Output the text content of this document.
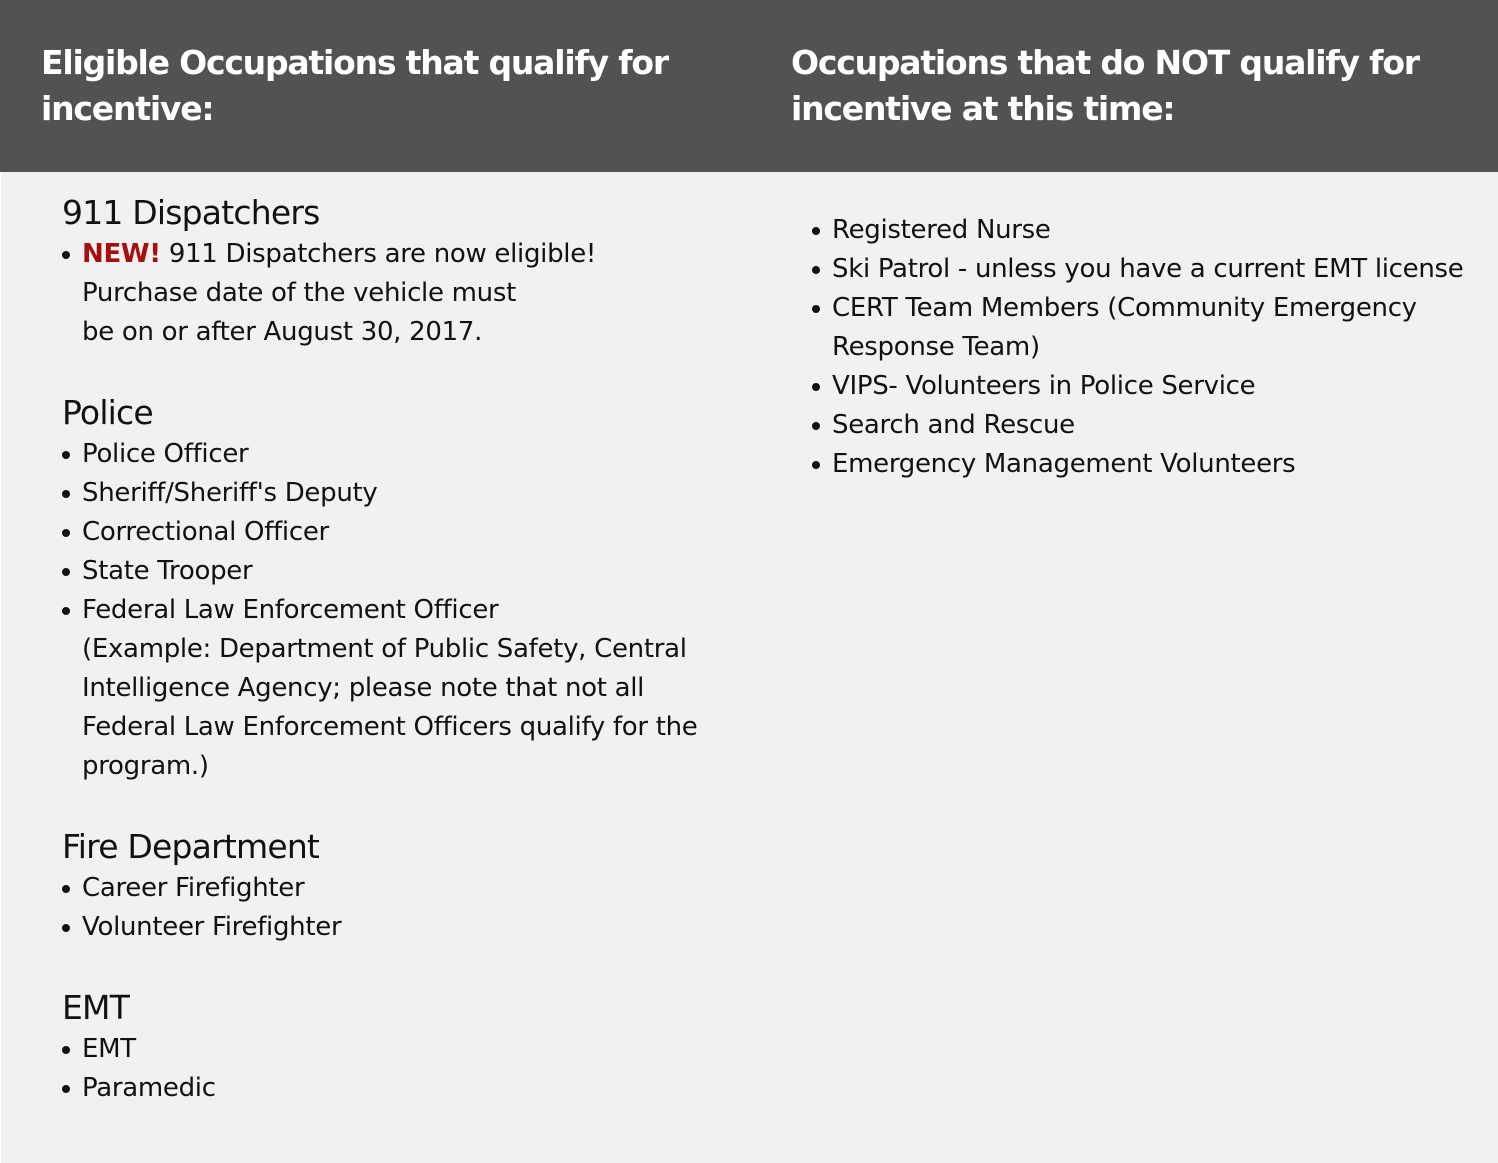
Eligible Occupations that qualify for incentive:
Occupations that do NOT qualify for incentive at this time:
911 Dispatchers
NEW! 911 Dispatchers are now eligible!
Purchase date of the vehicle must
be on or after August 30, 2017.
Police
Police Officer
Sheriff/Sheriff's Deputy
Correctional Officer
State Trooper
Federal Law Enforcement Officer
(Example: Department of Public Safety, Central
Intelligence Agency; please note that not all
Federal Law Enforcement Officers qualify for the
program.)
Fire Department
Career Firefighter
Volunteer Firefighter
EMT
EMT
Paramedic
Registered Nurse
Ski Patrol - unless you have a current EMT license
CERT Team Members (Community Emergency Response Team)
VIPS- Volunteers in Police Service
Search and Rescue
Emergency Management Volunteers
